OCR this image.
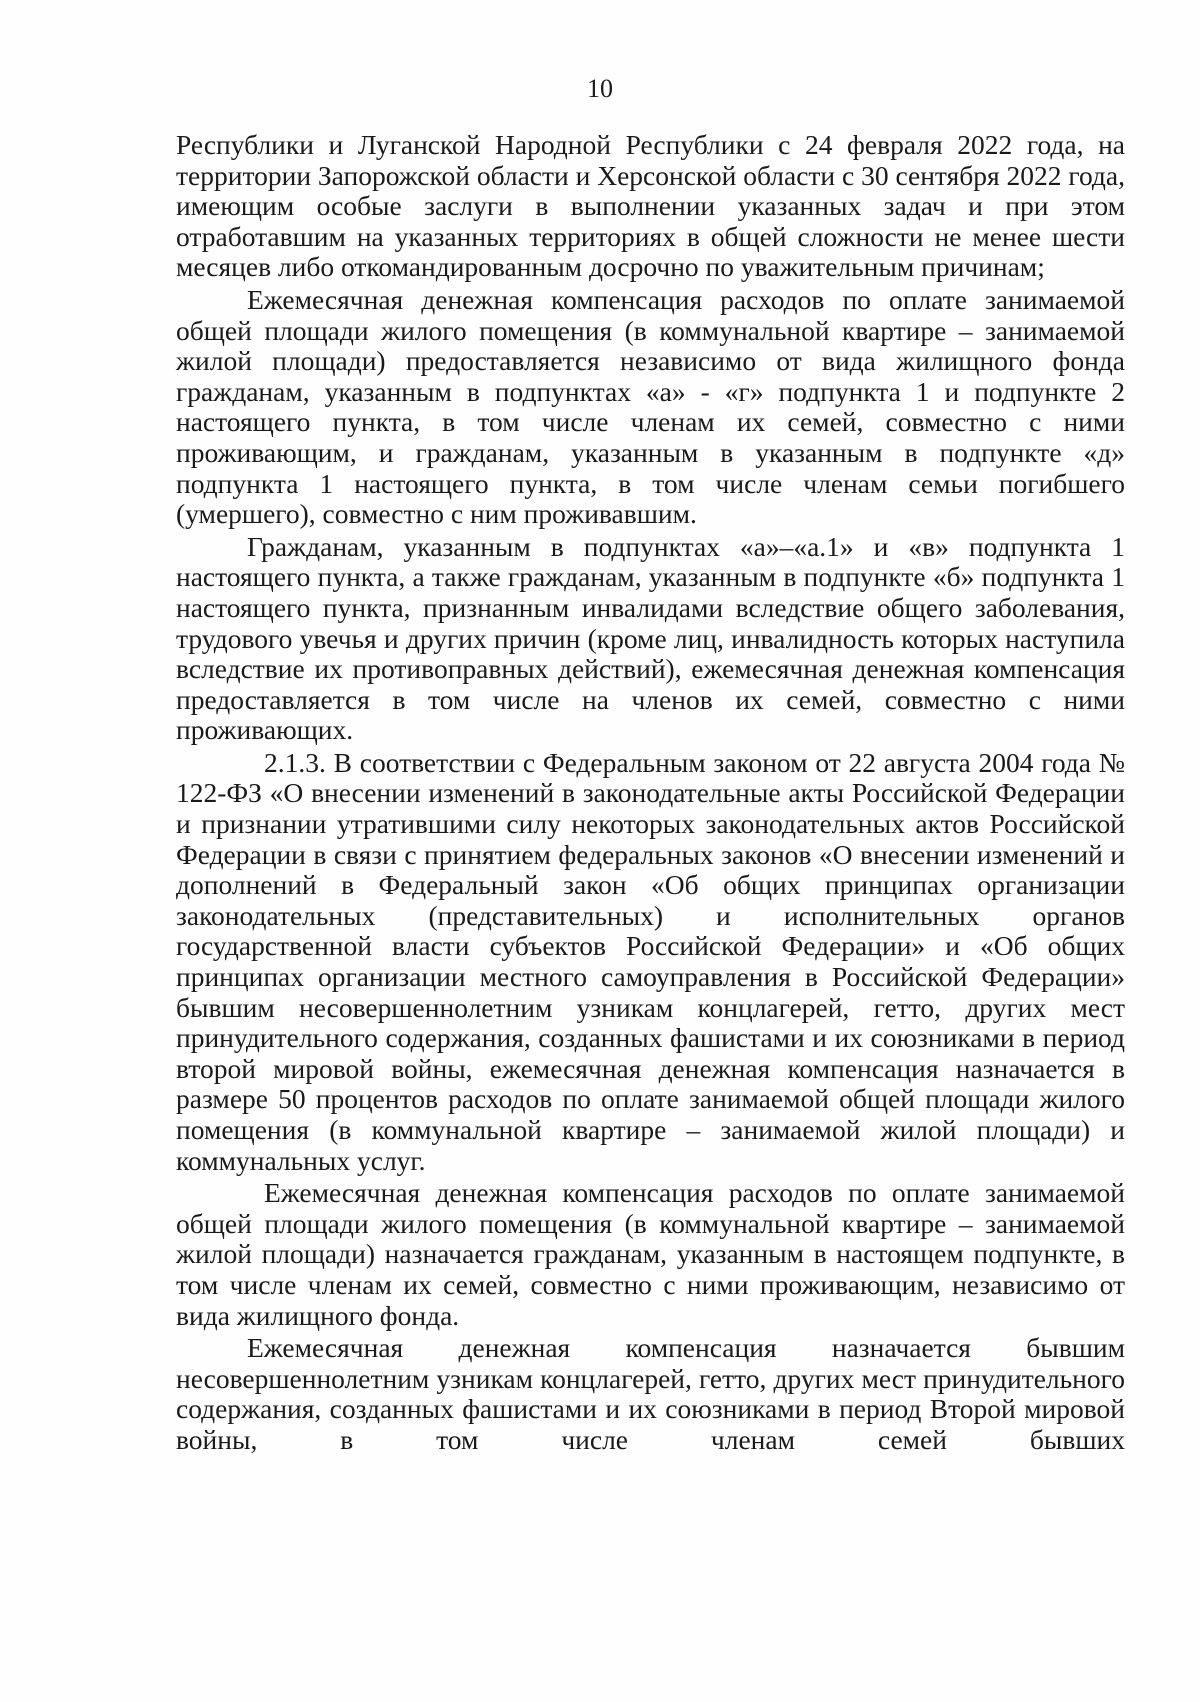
10

Республики и Луганской Народной Республики с 24 февраля 2022 года, на территории Запорожской области и Херсонской области с 30 сентября 2022 года, имеющим особые заслуги в выполнении указанных задач и при этом отработавшим на указанных территориях в общей сложности не менее шести месяцев либо откомандированным досрочно по уважительным причинам;

Ежемесячная денежная компенсация расходов по оплате занимаемой общей площади жилого помещения (в коммунальной квартире – занимаемой жилой площади) предоставляется независимо от вида жилищного фонда гражданам, указанным в подпунктах «а» - «г» подпункта 1 и подпункте 2 настоящего пункта, в том числе членам их семей, совместно с ними проживающим, и гражданам, указанным в указанным в подпункте «д» подпункта 1 настоящего пункта, в том числе членам семьи погибшего (умершего), совместно с ним проживавшим.

Гражданам, указанным в подпунктах «а»–«а.1» и «в» подпункта 1 настоящего пункта, а также гражданам, указанным в подпункте «б» подпункта 1 настоящего пункта, признанным инвалидами вследствие общего заболевания, трудового увечья и других причин (кроме лиц, инвалидность которых наступила вследствие их противоправных действий), ежемесячная денежная компенсация предоставляется в том числе на членов их семей, совместно с ними проживающих.

2.1.3. В соответствии с Федеральным законом от 22 августа 2004 года № 122-ФЗ «О внесении изменений в законодательные акты Российской Федерации и признании утратившими силу некоторых законодательных актов Российской Федерации в связи с принятием федеральных законов «О внесении изменений и дополнений в Федеральный закон «Об общих принципах организации законодательных (представительных) и исполнительных органов государственной власти субъектов Российской Федерации» и «Об общих принципах организации местного самоуправления в Российской Федерации» бывшим несовершеннолетним узникам концлагерей, гетто, других мест принудительного содержания, созданных фашистами и их союзниками в период второй мировой войны, ежемесячная денежная компенсация назначается в размере 50 процентов расходов по оплате занимаемой общей площади жилого помещения (в коммунальной квартире – занимаемой жилой площади) и коммунальных услуг.

Ежемесячная денежная компенсация расходов по оплате занимаемой общей площади жилого помещения (в коммунальной квартире – занимаемой жилой площади) назначается гражданам, указанным в настоящем подпункте, в том числе членам их семей, совместно с ними проживающим, независимо от вида жилищного фонда.

Ежемесячная денежная компенсация назначается бывшим несовершеннолетним узникам концлагерей, гетто, других мест принудительного содержания, созданных фашистами и их союзниками в период Второй мировой войны, в том числе членам семей бывших
